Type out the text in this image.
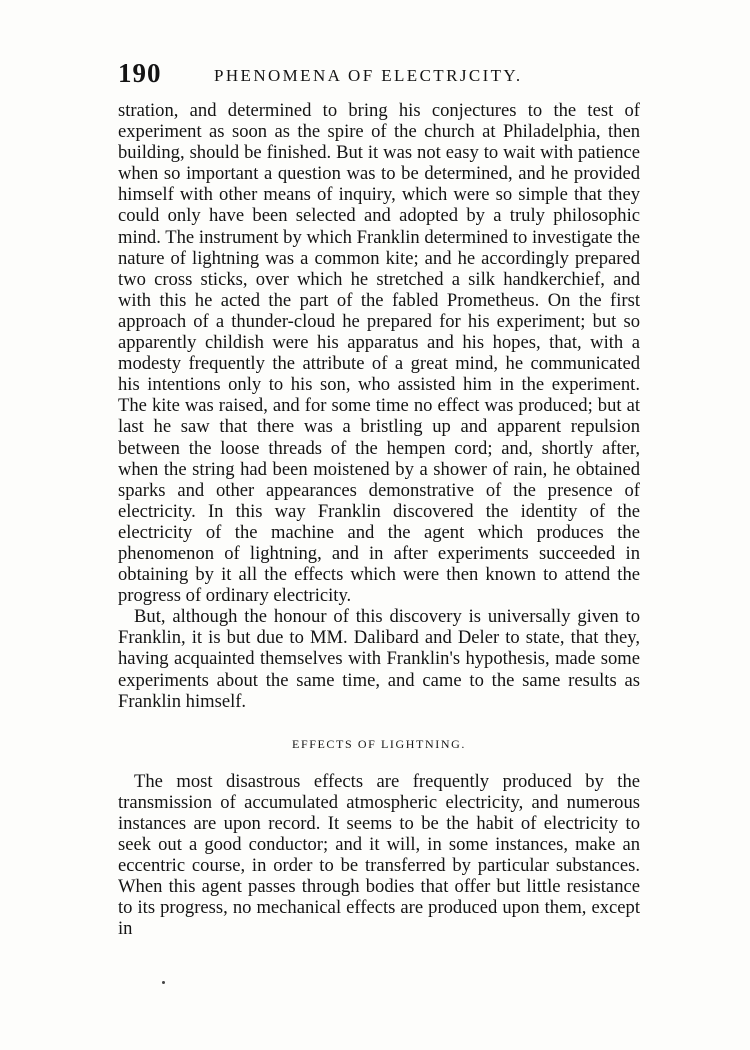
190	PHENOMENA OF ELECTRJCITY.

stration, and determined to bring his conjectures to the test of experiment as soon as the spire of the church at Philadelphia, then building, should be finished. But it was not easy to wait with patience when so important a question was to be determined, and he provided himself with other means of inquiry, which were so simple that they could only have been selected and adopted by a truly philosophic mind. The instrument by which Franklin determined to investigate the nature of lightning was a common kite; and he accordingly prepared two cross sticks, over which he stretched a silk handkerchief, and with this he acted the part of the fabled Prometheus. On the first approach of a thunder-cloud he prepared for his experiment; but so apparently childish were his apparatus and his hopes, that, with a modesty frequently the attribute of a great mind, he communicated his intentions only to his son, who assisted him in the experiment. The kite was raised, and for some time no effect was produced; but at last he saw that there was a bristling up and apparent repulsion between the loose threads of the hempen cord; and, shortly after, when the string had been moistened by a shower of rain, he obtained sparks and other appearances demonstrative of the presence of electricity. In this way Franklin discovered the identity of the electricity of the machine and the agent which produces the phenomenon of lightning, and in after experiments succeeded in obtaining by it all the effects which were then known to attend the progress of ordinary electricity.

But, although the honour of this discovery is universally given to Franklin, it is but due to MM. Dalibard and Deler to state, that they, having acquainted themselves with Franklin's hypothesis, made some experiments about the same time, and came to the same results as Franklin himself.

EFFECTS OF LIGHTNING.

The most disastrous effects are frequently produced by the transmission of accumulated atmospheric electricity, and numerous instances are upon record. It seems to be the habit of electricity to seek out a good conductor; and it will, in some instances, make an eccentric course, in order to be transferred by particular substances. When this agent passes through bodies that offer but little resistance to its progress, no mechanical effects are produced upon them, except in
